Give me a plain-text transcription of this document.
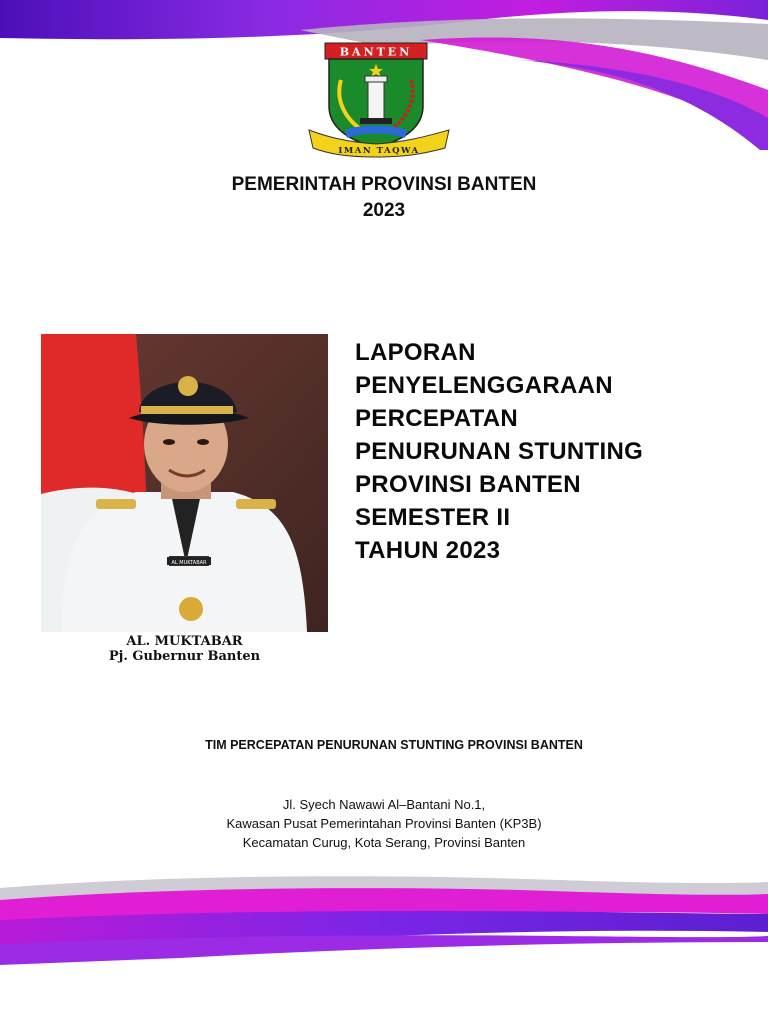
BANTEN
IMAN TAQWA
PEMERINTAH PROVINSI BANTEN
2023
AL MUKTABAR
AL. MUKTABAR
Pj. Gubernur Banten
LAPORAN
PENYELENGGARAAN
PERCEPATAN
PENURUNAN STUNTING
PROVINSI BANTEN
SEMESTER II
TAHUN 2023
TIM PERCEPATAN PENURUNAN STUNTING PROVINSI BANTEN
Jl. Syech Nawawi Al–Bantani No.1,
Kawasan Pusat Pemerintahan Provinsi Banten (KP3B)
Kecamatan Curug, Kota Serang, Provinsi Banten
